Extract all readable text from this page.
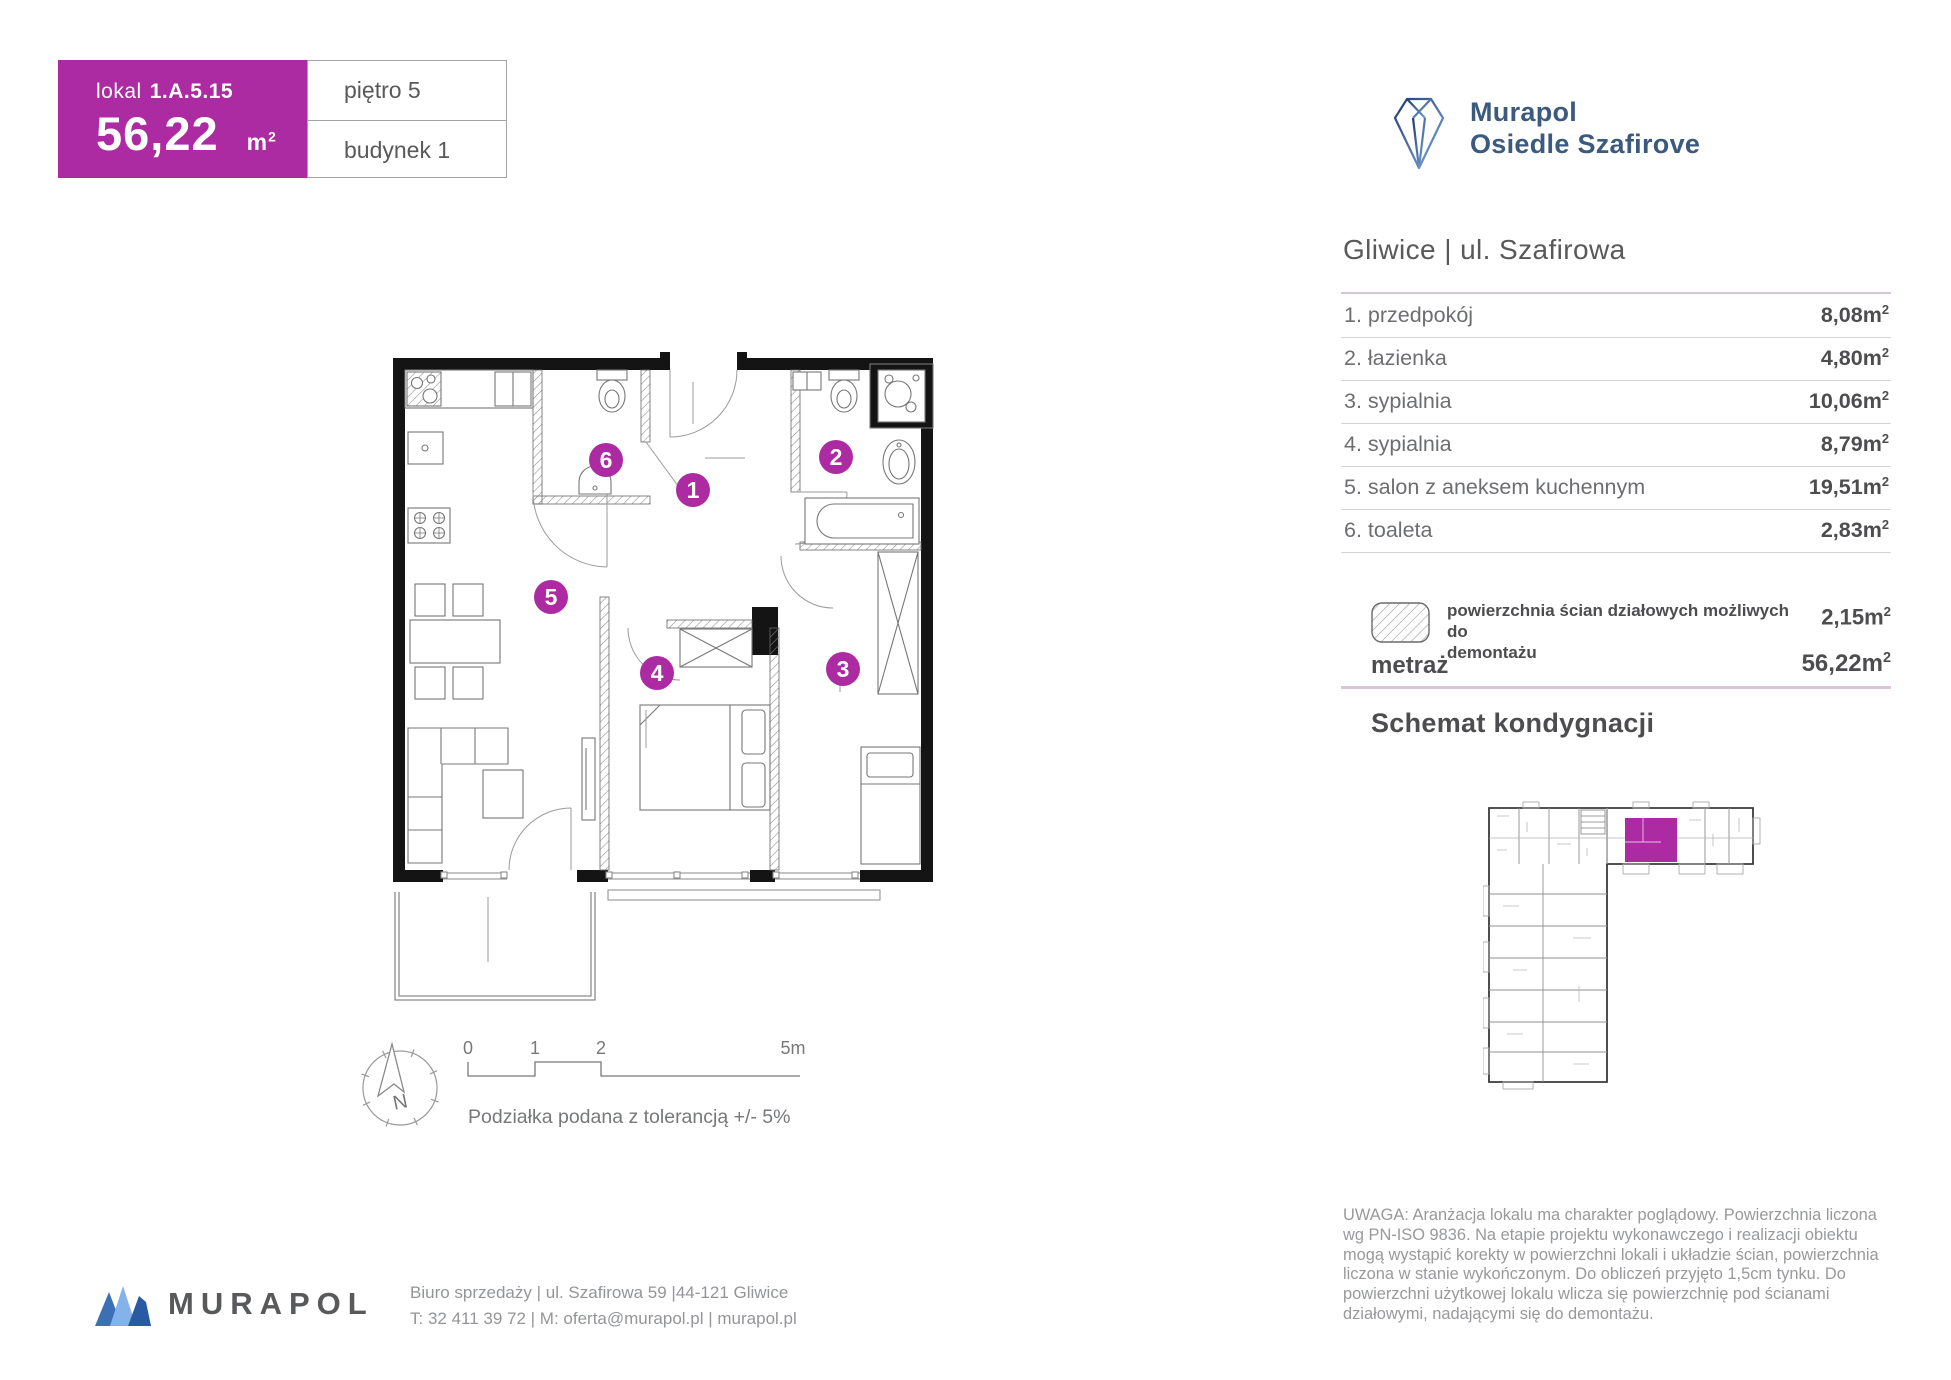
lokal 1.A.5.15
56,22 $m^2$
piętro 5
budynek 1
Murapol
Osiedle Szafirove
Gliwice | ul. Szafirowa
1. przedpokój	$8,08m^2$
2. łazienka	$4,80m^2$
3. sypialnia	$10,06m^2$
4. sypialnia	$8,79m^2$
5. salon z aneksem kuchennym	$19,51m^2$
6. toaleta	$2,83m^2$
powierzchnia ścian działowych możliwych do
demontażu
$2,15m^2$
metraż	$56,22m^2$
Schemat kondygnacji
1
2
3
4
5
6
N
0	1	2	5m
Podziałka podana z tolerancją +/- 5%
MURAPOL Biuro sprzedaży | ul. Szafirowa 59 |44-121 Gliwice
T: 32 411 39 72 | M: oferta@murapol.pl | murapol.pl
UWAGA: Aranżacja lokalu ma charakter poglądowy. Powierzchnia liczona wg PN-ISO 9836. Na etapie projektu wykonawczego i realizacji obiektu mogą wystąpić korekty w powierzchni lokali i układzie ścian, powierzchnia liczona w stanie wykończonym. Do obliczeń przyjęto 1,5cm tynku. Do powierzchni użytkowej lokalu wlicza się powierzchnię pod ścianami działowymi, nadającymi się do demontażu.
